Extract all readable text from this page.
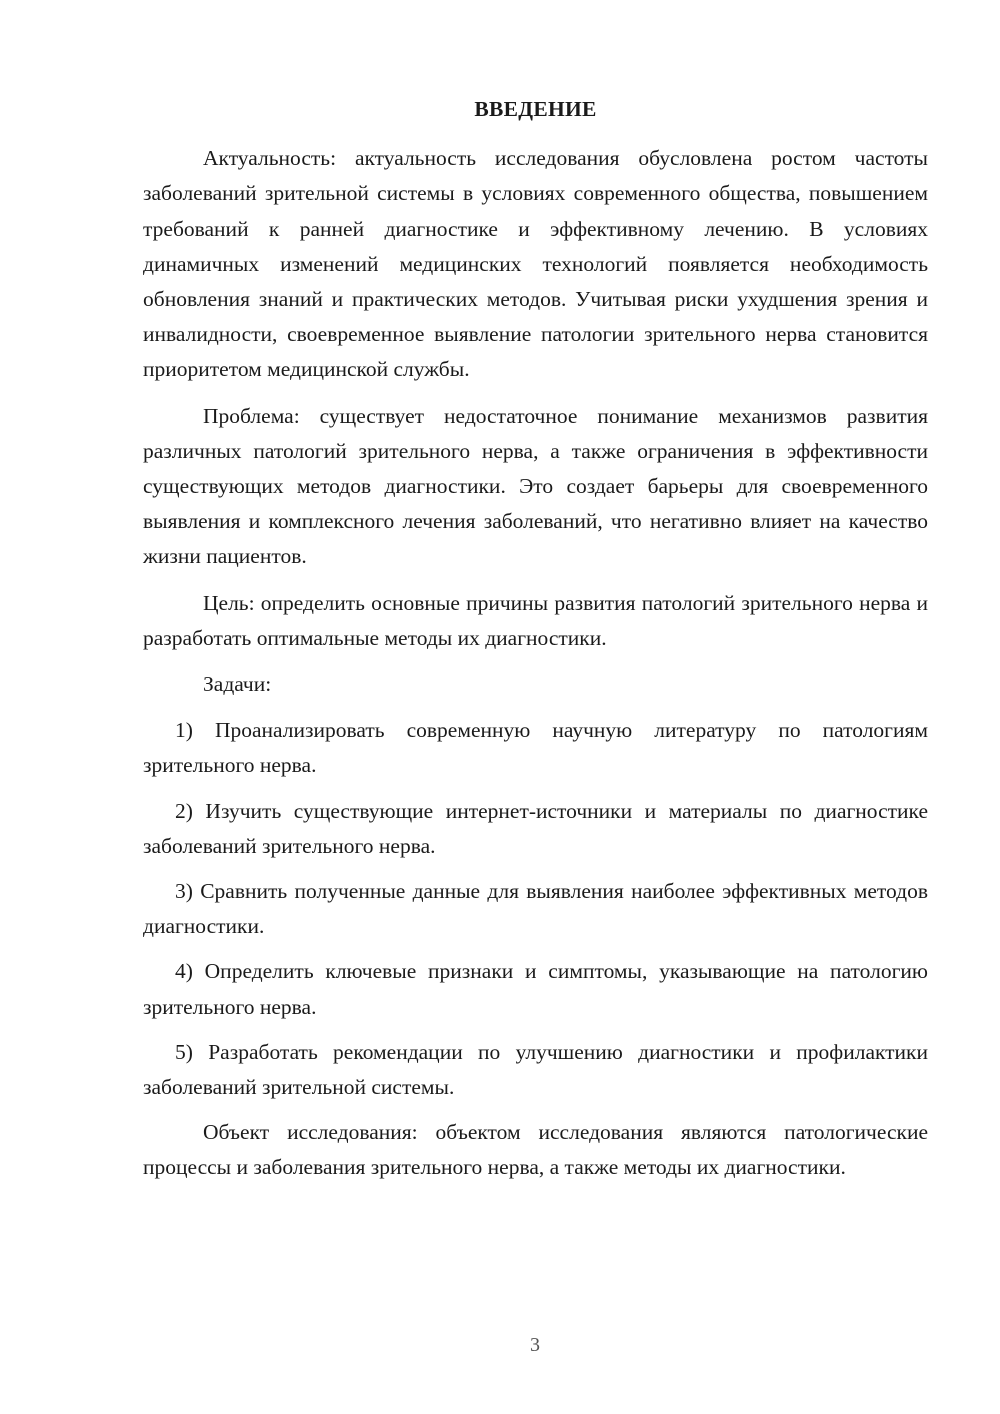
ВВЕДЕНИЕ

Актуальность: актуальность исследования обусловлена ростом частоты заболеваний зрительной системы в условиях современного общества, повышением требований к ранней диагностике и эффективному лечению. В условиях динамичных изменений медицинских технологий появляется необходимость обновления знаний и практических методов. Учитывая риски ухудшения зрения и инвалидности, своевременное выявление патологии зрительного нерва становится приоритетом медицинской службы.

Проблема: существует недостаточное понимание механизмов развития различных патологий зрительного нерва, а также ограничения в эффективности существующих методов диагностики. Это создает барьеры для своевременного выявления и комплексного лечения заболеваний, что негативно влияет на качество жизни пациентов.

Цель: определить основные причины развития патологий зрительного нерва и разработать оптимальные методы их диагностики.

Задачи:

1) Проанализировать современную научную литературу по патологиям зрительного нерва.

2) Изучить существующие интернет-источники и материалы по диагностике заболеваний зрительного нерва.

3) Сравнить полученные данные для выявления наиболее эффективных методов диагностики.

4) Определить ключевые признаки и симптомы, указывающие на патологию зрительного нерва.

5) Разработать рекомендации по улучшению диагностики и профилактики заболеваний зрительной системы.

Объект исследования: объектом исследования являются патологические процессы и заболевания зрительного нерва, а также методы их диагностики.

3
